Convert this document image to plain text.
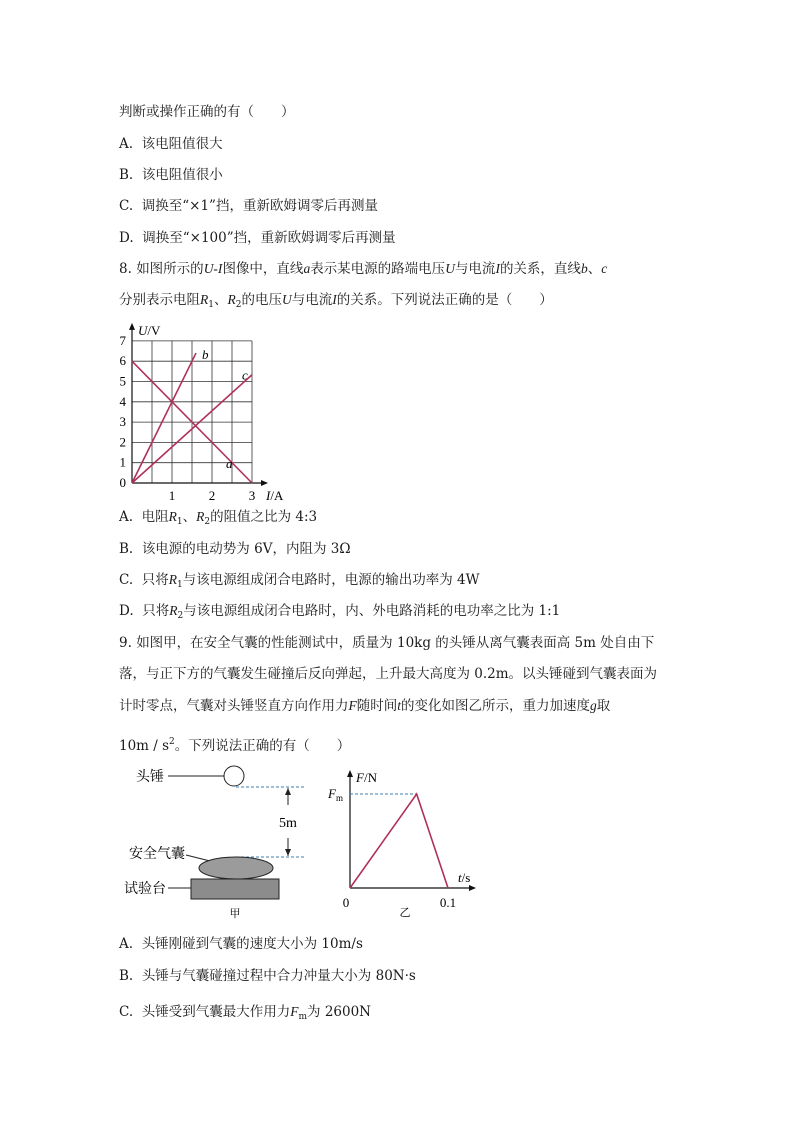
判断或操作正确的有（　　）
A. 该电阻值很大
B. 该电阻值很小
C. 调换至“×1”挡，重新欧姆调零后再测量
D. 调换至“×100”挡，重新欧姆调零后再测量
8. 如图所示的U-I图像中，直线a表示某电源的路端电压U与电流I的关系，直线b、c
分别表示电阻$R_1$、$R_2$的电压U与电流I的关系。下列说法正确的是（　　）
0
1
2
3
4
5
6
7
1	2	3
U/V
I/A
a
b
c
A. 电阻$R_1$、$R_2$的阻值之比为 4:3
B. 该电源的电动势为 6V，内阻为 3Ω
C. 只将$R_1$与该电源组成闭合电路时，电源的输出功率为 4W
D. 只将$R_2$与该电源组成闭合电路时，内、外电路消耗的电功率之比为 1:1
9. 如图甲，在安全气囊的性能测试中，质量为 10kg 的头锤从离气囊表面高 5m 处自由下
落，与正下方的气囊发生碰撞后反向弹起，上升最大高度为 0.2m。以头锤碰到气囊表面为
计时零点，气囊对头锤竖直方向作用力F随时间t的变化如图乙所示，重力加速度g取
$10m / s^2$。下列说法正确的有（　　）
头锤
5m
安全气囊
试验台
甲
F/N
t/s
$F_m$
0	0.1
乙
A. 头锤刚碰到气囊的速度大小为 10m/s
B. 头锤与气囊碰撞过程中合力冲量大小为 80N·s
C. 头锤受到气囊最大作用力$F_m$为 2600N
